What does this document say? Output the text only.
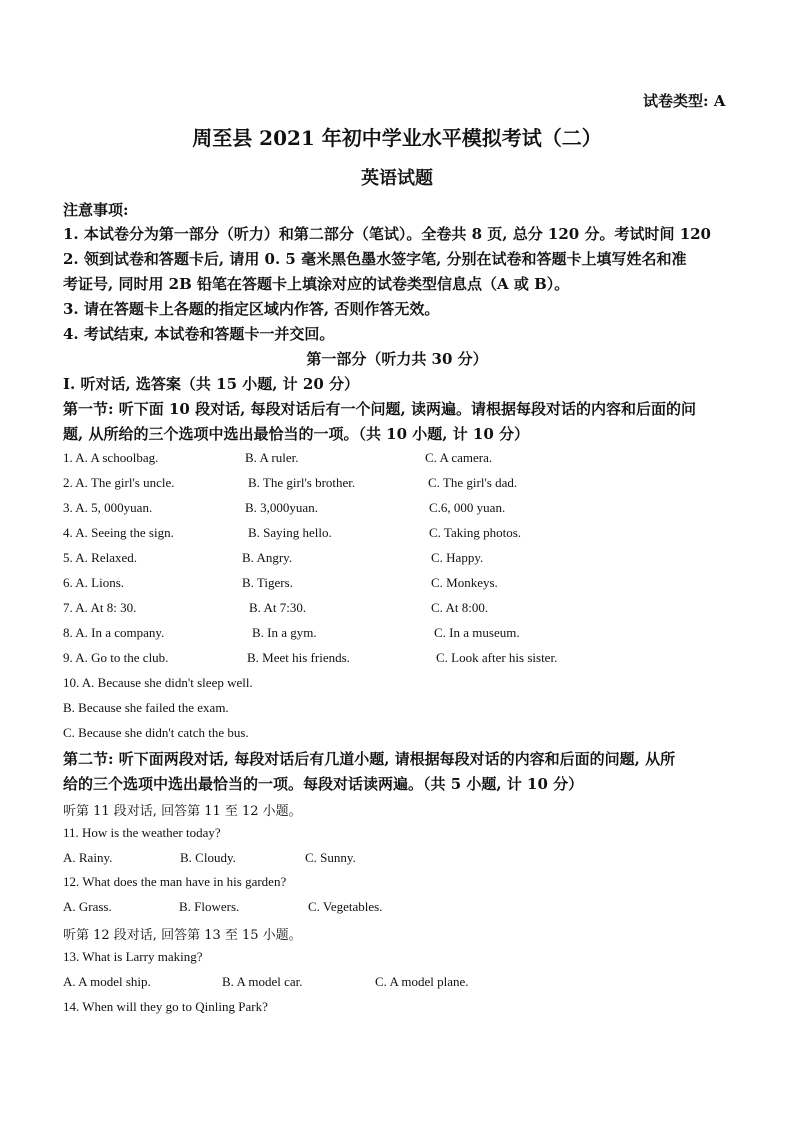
试卷类型: A
周至县 2021 年初中学业水平模拟考试（二）
英语试题
注意事项:
1. 本试卷分为第一部分（听力）和第二部分（笔试）。全卷共 8 页, 总分 120 分。考试时间 120
2. 领到试卷和答题卡后, 请用 0. 5 毫米黑色墨水签字笔, 分别在试卷和答题卡上填写姓名和准
考证号, 同时用 2B 铅笔在答题卡上填涂对应的试卷类型信息点（A 或 B）。
3. 请在答题卡上各题的指定区域内作答, 否则作答无效。
4. 考试结束, 本试卷和答题卡一并交回。
第一部分（听力共 30 分）
I. 听对话, 选答案（共 15 小题, 计 20 分）
第一节: 听下面 10 段对话, 每段对话后有一个问题, 读两遍。请根据每段对话的内容和后面的问
题, 从所给的三个选项中选出最恰当的一项。（共 10 小题, 计 10 分）
1. A. A schoolbag.	B. A ruler.	C. A camera.
2. A. The girl's uncle.	B. The girl's brother.	C. The girl's dad.
3. A. 5, 000yuan.	B. 3,000yuan.	C.6, 000 yuan.
4. A. Seeing the sign.	B. Saying hello.	C. Taking photos.
5. A. Relaxed.	B. Angry.	C. Happy.
6. A. Lions.	B. Tigers.	C. Monkeys.
7. A. At 8: 30.	B. At 7:30.	C. At 8:00.
8. A. In a company.	B. In a gym.	C. In a museum.
9. A. Go to the club.	B. Meet his friends.	C. Look after his sister.
10. A. Because she didn't sleep well.
B. Because she failed the exam.
C. Because she didn't catch the bus.
第二节: 听下面两段对话, 每段对话后有几道小题, 请根据每段对话的内容和后面的问题, 从所
给的三个选项中选出最恰当的一项。每段对话读两遍。（共 5 小题, 计 10 分）
听第 11 段对话, 回答第 11 至 12 小题。
11. How is the weather today?
A. Rainy.	B. Cloudy.	C. Sunny.
12. What does the man have in his garden?
A. Grass.	B. Flowers.	C. Vegetables.
听第 12 段对话, 回答第 13 至 15 小题。
13. What is Larry making?
A. A model ship.	B. A model car.	C. A model plane.
14. When will they go to Qinling Park?
